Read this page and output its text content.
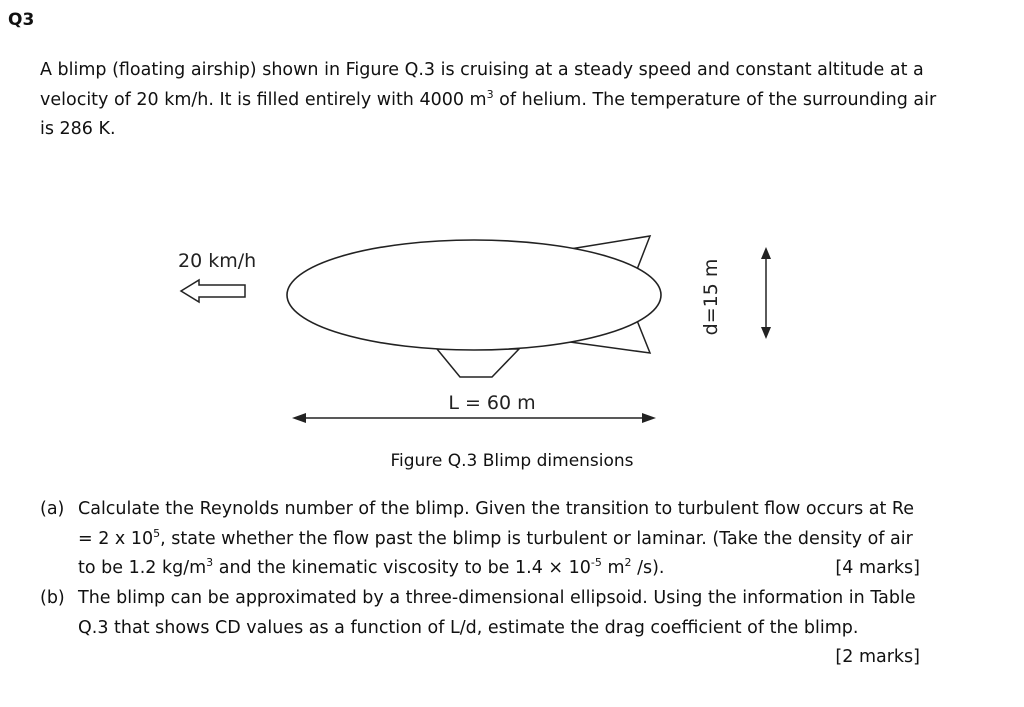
Q3
A blimp (floating airship) shown in Figure Q.3 is cruising at a steady speed and constant altitude at a velocity of 20 km/h. It is filled entirely with 4000 $m^3$ of helium. The temperature of the surrounding air is 286 K.
20 km/h
L = 60 m
d=15 m
Figure Q.3 Blimp dimensions
(a) Calculate the Reynolds number of the blimp. Given the transition to turbulent flow occurs at Re = 2 x $10^5$, state whether the flow past the blimp is turbulent or laminar. (Take the density of air to be 1.2 $kg/m^3$ and the kinematic viscosity to be $1.4 \times 10^{-5}$ $m^2$ /s).	[4 marks]
(b) The blimp can be approximated by a three-dimensional ellipsoid. Using the information in Table Q.3 that shows CD values as a function of L/d, estimate the drag coefficient of the blimp.
[2 marks]
